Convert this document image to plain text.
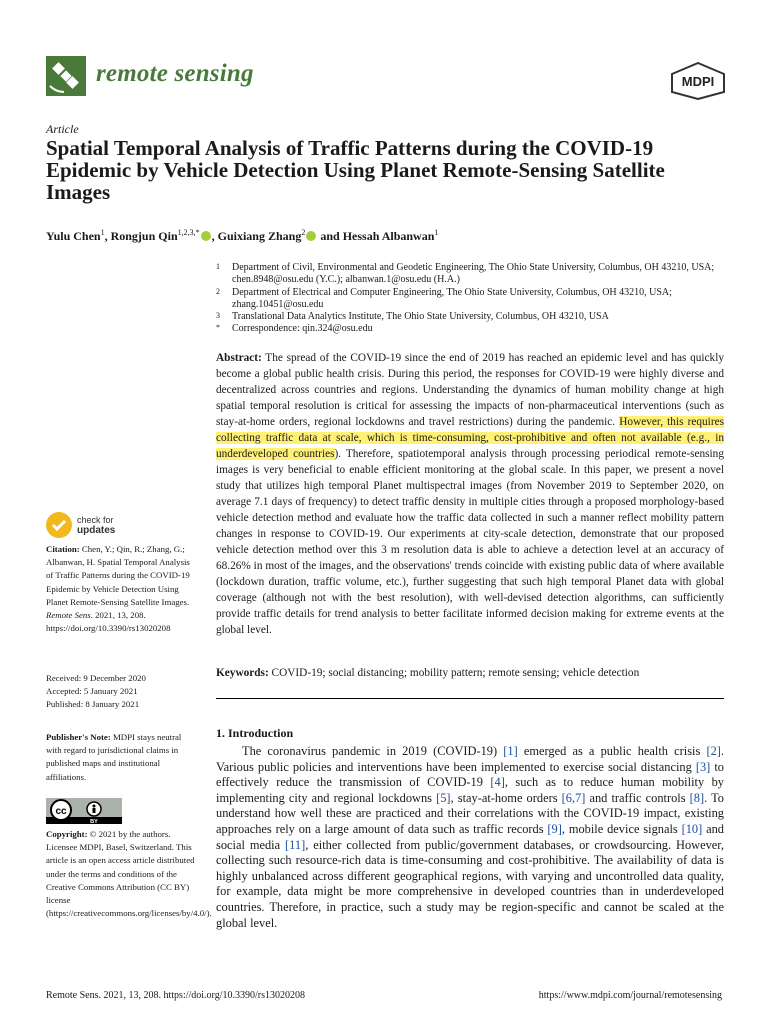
remote sensing	MDPI
Article
Spatial Temporal Analysis of Traffic Patterns during the COVID-19 Epidemic by Vehicle Detection Using Planet Remote-Sensing Satellite Images
Yulu Chen$^1$, Rongjun Qin$^{1,2,3,*}$ , Guixiang Zhang$^2$ and Hessah Albanwan$^1$
1 Department of Civil, Environmental and Geodetic Engineering, The Ohio State University, Columbus, OH 43210, USA; chen.8948@osu.edu (Y.C.); albanwan.1@osu.edu (H.A.)
2 Department of Electrical and Computer Engineering, The Ohio State University, Columbus, OH 43210, USA; zhang.10451@osu.edu
3 Translational Data Analytics Institute, The Ohio State University, Columbus, OH 43210, USA
* Correspondence: qin.324@osu.edu

Abstract: The spread of the COVID-19 since the end of 2019 has reached an epidemic level and has quickly become a global public health crisis. During this period, the responses for COVID-19 were highly diverse and decentralized across countries and regions. Understanding the dynamics of human mobility change at high spatial temporal resolution is critical for assessing the impacts of non-pharmaceutical interventions (such as stay-at-home orders, regional lockdowns and travel restrictions) during the pandemic. However, this requires collecting traffic data at scale, which is time-consuming, cost-prohibitive and often not available (e.g., in underdeveloped countries). Therefore, spatiotemporal analysis through processing periodical remote-sensing images is very beneficial to enable efficient monitoring at the global scale. In this paper, we present a novel study that utilizes high temporal Planet multispectral images (from November 2019 to September 2020, on average 7.1 days of frequency) to detect traffic density in multiple cities through a proposed morphology-based vehicle detection method and evaluate how the traffic data collected in such a manner reflect mobility pattern changes in response to COVID-19. Our experiments at city-scale detection, demonstrate that our proposed vehicle detection method over this 3 m resolution data is able to achieve a detection level at an accuracy of 68.26% in most of the images, and the observations' trends coincide with existing public data of where available (lockdown duration, traffic volume, etc.), further suggesting that such high temporal Planet data with global coverage (although not with the best resolution), with well-devised detection algorithms, can sufficiently provide traffic details for trend analysis to better facilitate informed decision making for extreme events at the global level.

Keywords: COVID-19; social distancing; mobility pattern; remote sensing; vehicle detection
1. Introduction

The coronavirus pandemic in 2019 (COVID-19) [1] emerged as a public health crisis [2]. Various public policies and interventions have been implemented to exercise social distancing [3] to effectively reduce the transmission of COVID-19 [4], such as to reduce human mobility by implementing city and regional lockdowns [5], stay-at-home orders [6,7] and traffic controls [8]. To understand how well these are practiced and their correlations with the COVID-19 impact, existing approaches rely on a large amount of data such as traffic records [9], mobile device signals [10] and social media [11], either collected from public/government databases, or crowdsourcing. However, collecting such resource-rich data is time-consuming and cost-prohibitive. The availability of data is highly unbalanced across different geographical regions, with varying and uncontrolled data quality, for example, data might be more comprehensive in developed countries than in underdeveloped countries. Therefore, in practice, such a study may be region-specific and cannot be scaled at the global level.

check for
updates
Citation: Chen, Y.; Qin, R.; Zhang, G.; Albanwan, H. Spatial Temporal Analysis of Traffic Patterns during the COVID-19 Epidemic by Vehicle Detection Using Planet Remote-Sensing Satellite Images. Remote Sens. 2021, 13, 208. https://doi.org/10.3390/rs13020208
Received: 9 December 2020
Accepted: 5 January 2021
Published: 8 January 2021
Publisher's Note: MDPI stays neutral with regard to jurisdictional claims in published maps and institutional affiliations.
cc
BY
Copyright: © 2021 by the authors. Licensee MDPI, Basel, Switzerland. This article is an open access article distributed under the terms and conditions of the Creative Commons Attribution (CC BY) license (https://creativecommons.org/licenses/by/4.0/).
Remote Sens. 2021, 13, 208. https://doi.org/10.3390/rs13020208	https://www.mdpi.com/journal/remotesensing
